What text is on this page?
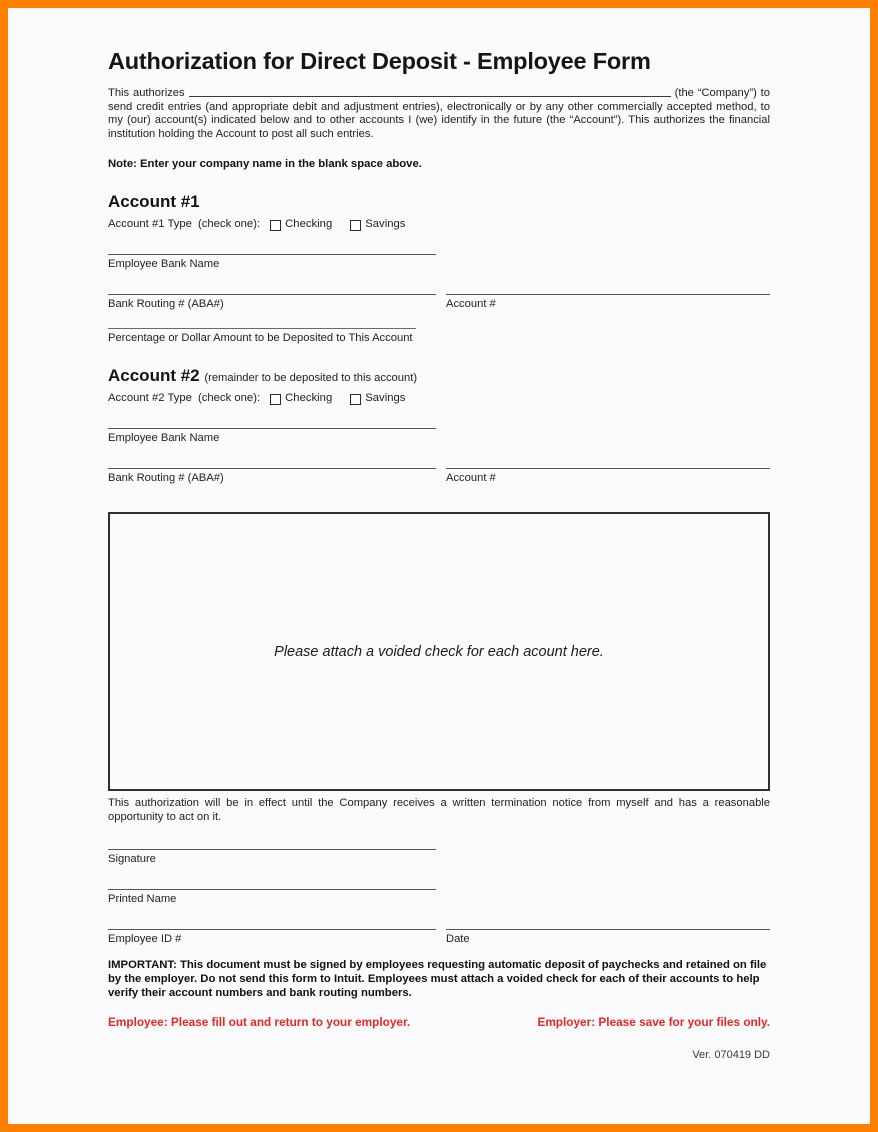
Authorization for Direct Deposit - Employee Form

This authorizes	(the “Company”) to send credit entries (and appropriate debit and adjustment entries), electronically or by any other commercially accepted method, to my (our) account(s) indicated below and to other accounts I (we) identify in the future (the “Account”). This authorizes the financial institution holding the Account to post all such entries.

Note: Enter your company name in the blank space above.
Account #1
Account #1 Type (check one): Checking	Savings
Employee Bank Name
Bank Routing # (ABA#)	Account #
Percentage or Dollar Amount to be Deposited to This Account
Account #2 (remainder to be deposited to this account)
Account #2 Type (check one): Checking	Savings
Employee Bank Name
Bank Routing # (ABA#)	Account #
Please attach a voided check for each acount here.
This authorization will be in effect until the Company receives a written termination notice from myself and has a reasonable opportunity to act on it.
Signature
Printed Name
Employee ID #	Date
IMPORTANT: This document must be signed by employees requesting automatic deposit of paychecks and retained on file by the employer. Do not send this form to Intuit. Employees must attach a voided check for each of their accounts to help verify their account numbers and bank routing numbers.
Employee: Please fill out and return to your employer.	Employer: Please save for your files only.
Ver. 070419 DD
